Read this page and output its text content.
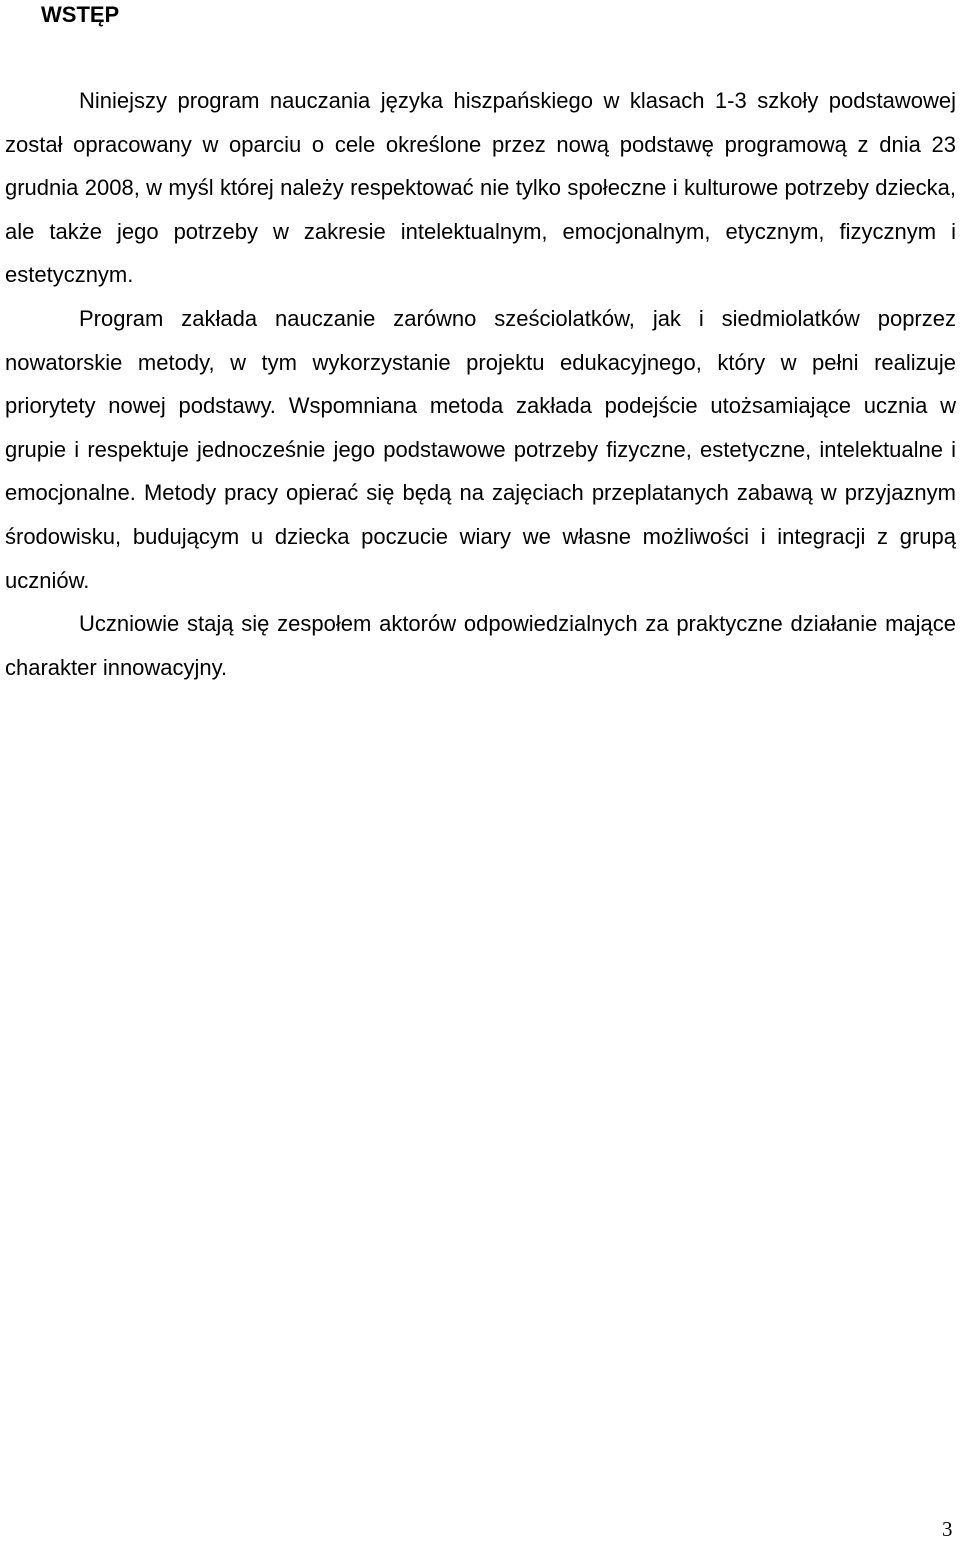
WSTĘP

Niniejszy program nauczania języka hiszpańskiego w klasach 1-3 szkoły podstawowej został opracowany w oparciu o cele określone przez nową podstawę programową z dnia 23 grudnia 2008, w myśl której należy respektować nie tylko społeczne i kulturowe potrzeby dziecka, ale także jego potrzeby w zakresie intelektualnym, emocjonalnym, etycznym, fizycznym i estetycznym.

Program zakłada nauczanie zarówno sześciolatków, jak i siedmiolatków poprzez nowatorskie metody, w tym wykorzystanie projektu edukacyjnego, który w pełni realizuje priorytety nowej podstawy. Wspomniana metoda zakłada podejście utożsamiające ucznia w grupie i respektuje jednocześnie jego podstawowe potrzeby fizyczne, estetyczne, intelektualne i emocjonalne. Metody pracy opierać się będą na zajęciach przeplatanych zabawą w przyjaznym środowisku, budującym u dziecka poczucie wiary we własne możliwości i integracji z grupą uczniów.

Uczniowie stają się zespołem aktorów odpowiedzialnych za praktyczne działanie mające charakter innowacyjny.

3
